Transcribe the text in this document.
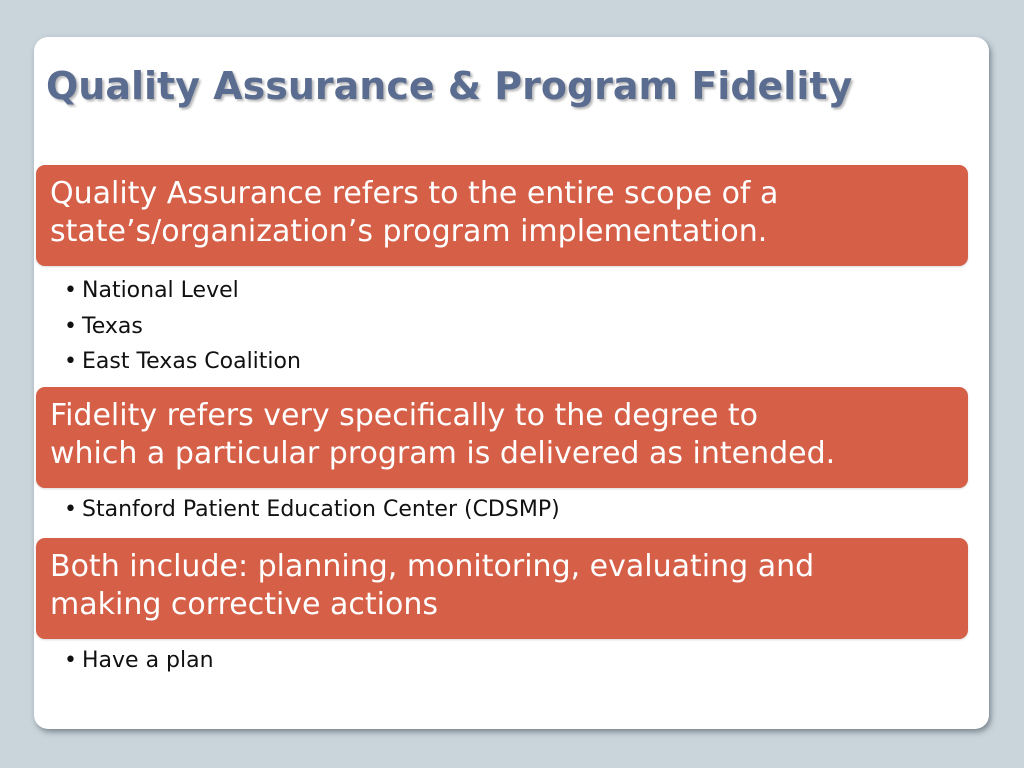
Quality Assurance & Program Fidelity
Quality Assurance refers to the entire scope of a
state’s/organization’s program implementation.
• National Level
• Texas
• East Texas Coalition
Fidelity refers very specifically to the degree to
which a particular program is delivered as intended.
• Stanford Patient Education Center (CDSMP)
Both include: planning, monitoring, evaluating and
making corrective actions
• Have a plan
